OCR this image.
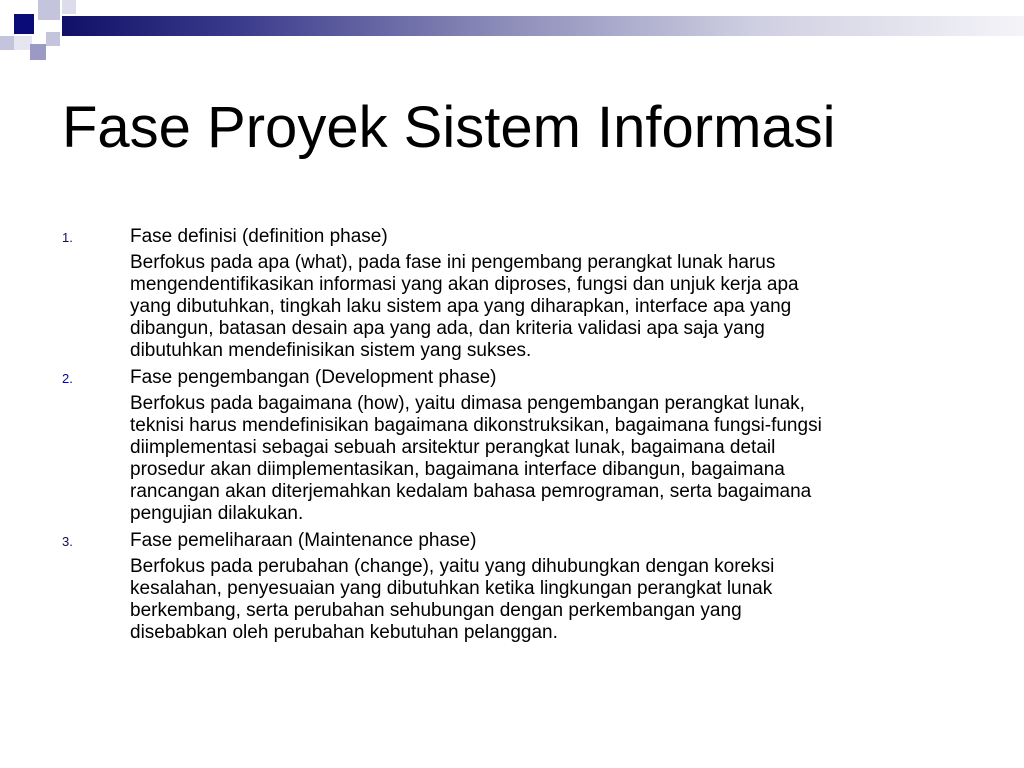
Fase Proyek Sistem Informasi
1.	Fase definisi (definition phase)
Berfokus pada apa (what), pada fase ini pengembang perangkat lunak harus
mengendentifikasikan informasi yang akan diproses, fungsi dan unjuk kerja apa
yang dibutuhkan, tingkah laku sistem apa yang diharapkan, interface apa yang
dibangun, batasan desain apa yang ada, dan kriteria validasi apa saja yang
dibutuhkan mendefinisikan sistem yang sukses.
2.	Fase pengembangan (Development phase)
Berfokus pada bagaimana (how), yaitu dimasa pengembangan perangkat lunak,
teknisi harus mendefinisikan bagaimana dikonstruksikan, bagaimana fungsi-fungsi
diimplementasi sebagai sebuah arsitektur perangkat lunak, bagaimana detail
prosedur akan diimplementasikan, bagaimana interface dibangun, bagaimana
rancangan akan diterjemahkan kedalam bahasa pemrograman, serta bagaimana
pengujian dilakukan.
3.	Fase pemeliharaan (Maintenance phase)
Berfokus pada perubahan (change), yaitu yang dihubungkan dengan koreksi
kesalahan, penyesuaian yang dibutuhkan ketika lingkungan perangkat lunak
berkembang, serta perubahan sehubungan dengan perkembangan yang
disebabkan oleh perubahan kebutuhan pelanggan.
